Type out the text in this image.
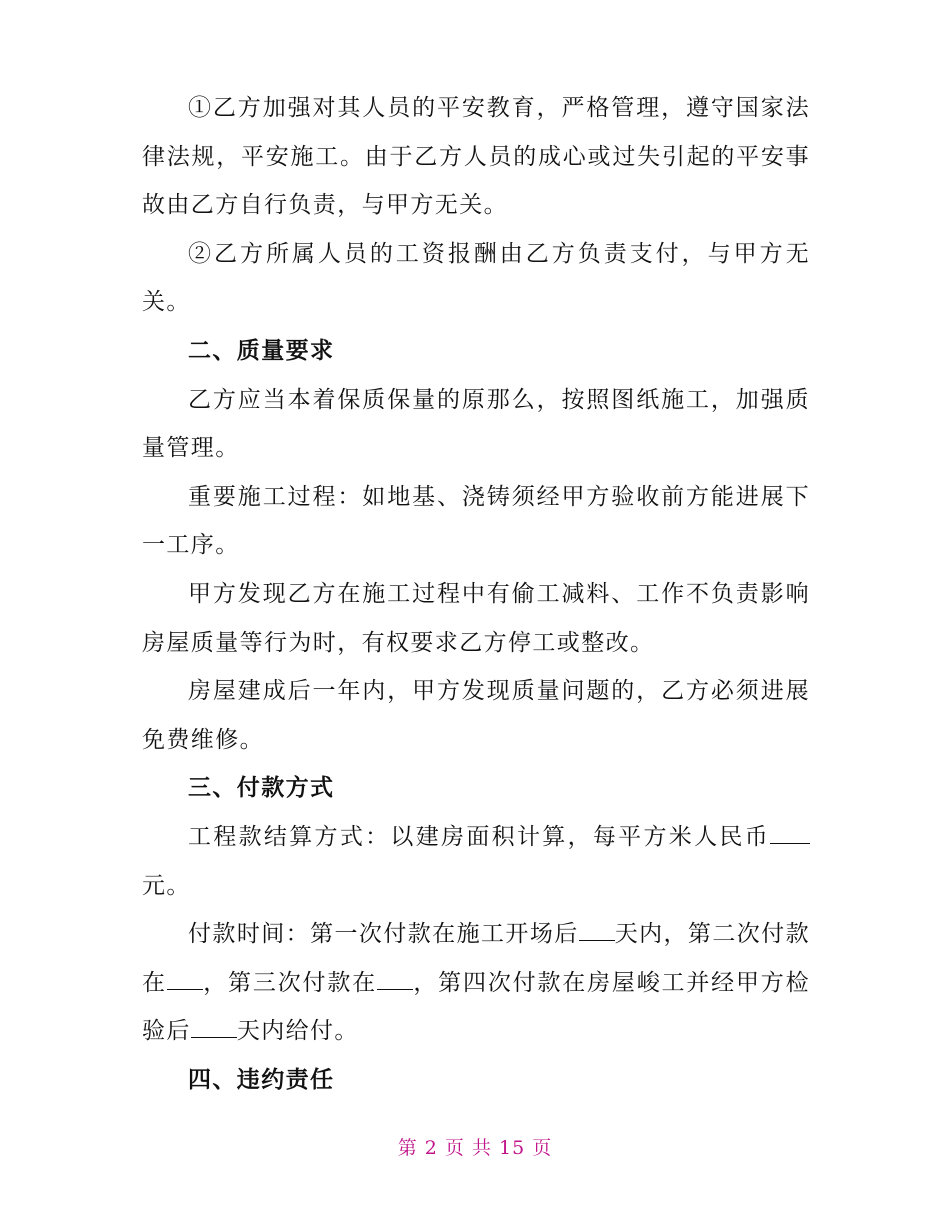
①乙方加强对其人员的平安教育，严格管理，遵守国家法律法规，平安施工。由于乙方人员的成心或过失引起的平安事故由乙方自行负责，与甲方无关。

②乙方所属人员的工资报酬由乙方负责支付，与甲方无关。

二、质量要求

乙方应当本着保质保量的原那么，按照图纸施工，加强质量管理。

重要施工过程：如地基、浇铸须经甲方验收前方能进展下一工序。

甲方发现乙方在施工过程中有偷工减料、工作不负责影响房屋质量等行为时，有权要求乙方停工或整改。

房屋建成后一年内，甲方发现质量问题的，乙方必须进展免费维修。

三、付款方式

工程款结算方式：以建房面积计算，每平方米人民币元。

付款时间：第一次付款在施工开场后 天内，第二次付款在 ，第三次付款在 ，第四次付款在房屋峻工并经甲方检验后 天内给付。

四、违约责任

第 2 页 共 15 页
